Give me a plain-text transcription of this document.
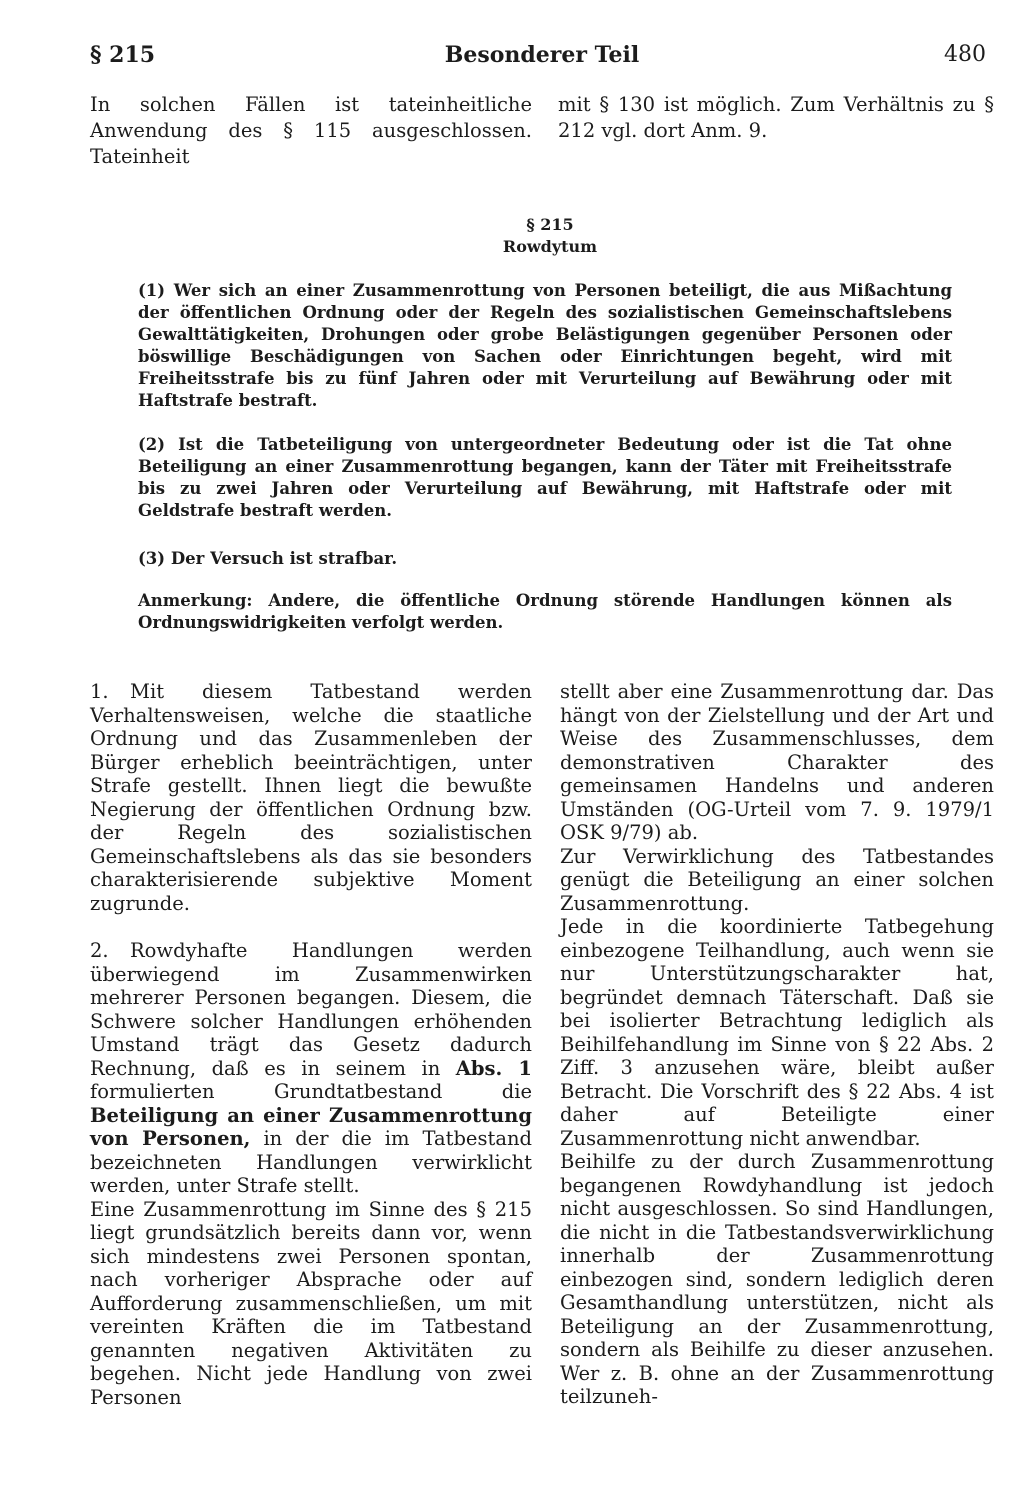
§ 215	Besonderer Teil	480
In solchen Fällen ist tateinheitliche Anwendung des § 115 ausgeschlossen. Tateinheit
mit § 130 ist möglich. Zum Verhältnis zu § 212 vgl. dort Anm. 9.
§ 215
Rowdytum
(1) Wer sich an einer Zusammenrottung von Personen beteiligt, die aus Mißachtung der öffentlichen Ordnung oder der Regeln des sozialistischen Gemeinschaftslebens Gewalttätigkeiten, Drohungen oder grobe Belästigungen gegenüber Personen oder böswillige Beschädigungen von Sachen oder Einrichtungen begeht, wird mit Freiheitsstrafe bis zu fünf Jahren oder mit Verurteilung auf Bewährung oder mit Haftstrafe bestraft.
(2) Ist die Tatbeteiligung von untergeordneter Bedeutung oder ist die Tat ohne Beteiligung an einer Zusammenrottung begangen, kann der Täter mit Freiheitsstrafe bis zu zwei Jahren oder Verurteilung auf Bewährung, mit Haftstrafe oder mit Geldstrafe bestraft werden.
(3) Der Versuch ist strafbar.
Anmerkung: Andere, die öffentliche Ordnung störende Handlungen können als Ordnungswidrigkeiten verfolgt werden.

1. Mit diesem Tatbestand werden Verhaltensweisen, welche die staatliche Ordnung und das Zusammenleben der Bürger erheblich beeinträchtigen, unter Strafe gestellt. Ihnen liegt die bewußte Negierung der öffentlichen Ordnung bzw. der Regeln des sozialistischen Gemeinschaftslebens als das sie besonders charakterisierende subjektive Moment zugrunde.

2. Rowdyhafte Handlungen werden überwiegend im Zusammenwirken mehrerer Personen begangen. Diesem, die Schwere solcher Handlungen erhöhenden Umstand trägt das Gesetz dadurch Rechnung, daß es in seinem in Abs. 1 formulierten Grundtatbestand die Beteiligung an einer Zusammenrottung von Personen, in der die im Tatbestand bezeichneten Handlungen verwirklicht werden, unter Strafe stellt.

Eine Zusammenrottung im Sinne des § 215 liegt grundsätzlich bereits dann vor, wenn sich mindestens zwei Personen spontan, nach vorheriger Absprache oder auf Aufforderung zusammenschließen, um mit vereinten Kräften die im Tatbestand genannten negativen Aktivitäten zu begehen. Nicht jede Handlung von zwei Personen

stellt aber eine Zusammenrottung dar. Das hängt von der Zielstellung und der Art und Weise des Zusammenschlusses, dem demonstrativen Charakter des gemeinsamen Handelns und anderen Umständen (OG-Urteil vom 7. 9. 1979/1 OSK 9/79) ab.

Zur Verwirklichung des Tatbestandes genügt die Beteiligung an einer solchen Zusammenrottung.

Jede in die koordinierte Tatbegehung einbezogene Teilhandlung, auch wenn sie nur Unterstützungscharakter hat, begründet demnach Täterschaft. Daß sie bei isolierter Betrachtung lediglich als Beihilfehandlung im Sinne von § 22 Abs. 2 Ziff. 3 anzusehen wäre, bleibt außer Betracht. Die Vorschrift des § 22 Abs. 4 ist daher auf Beteiligte einer Zusammenrottung nicht anwendbar.

Beihilfe zu der durch Zusammenrottung begangenen Rowdyhandlung ist jedoch nicht ausgeschlossen. So sind Handlungen, die nicht in die Tatbestandsverwirklichung innerhalb der Zusammenrottung einbezogen sind, sondern lediglich deren Gesamthandlung unterstützen, nicht als Beteiligung an der Zusammenrottung, sondern als Beihilfe zu dieser anzusehen. Wer z. B. ohne an der Zusammenrottung teilzuneh-
